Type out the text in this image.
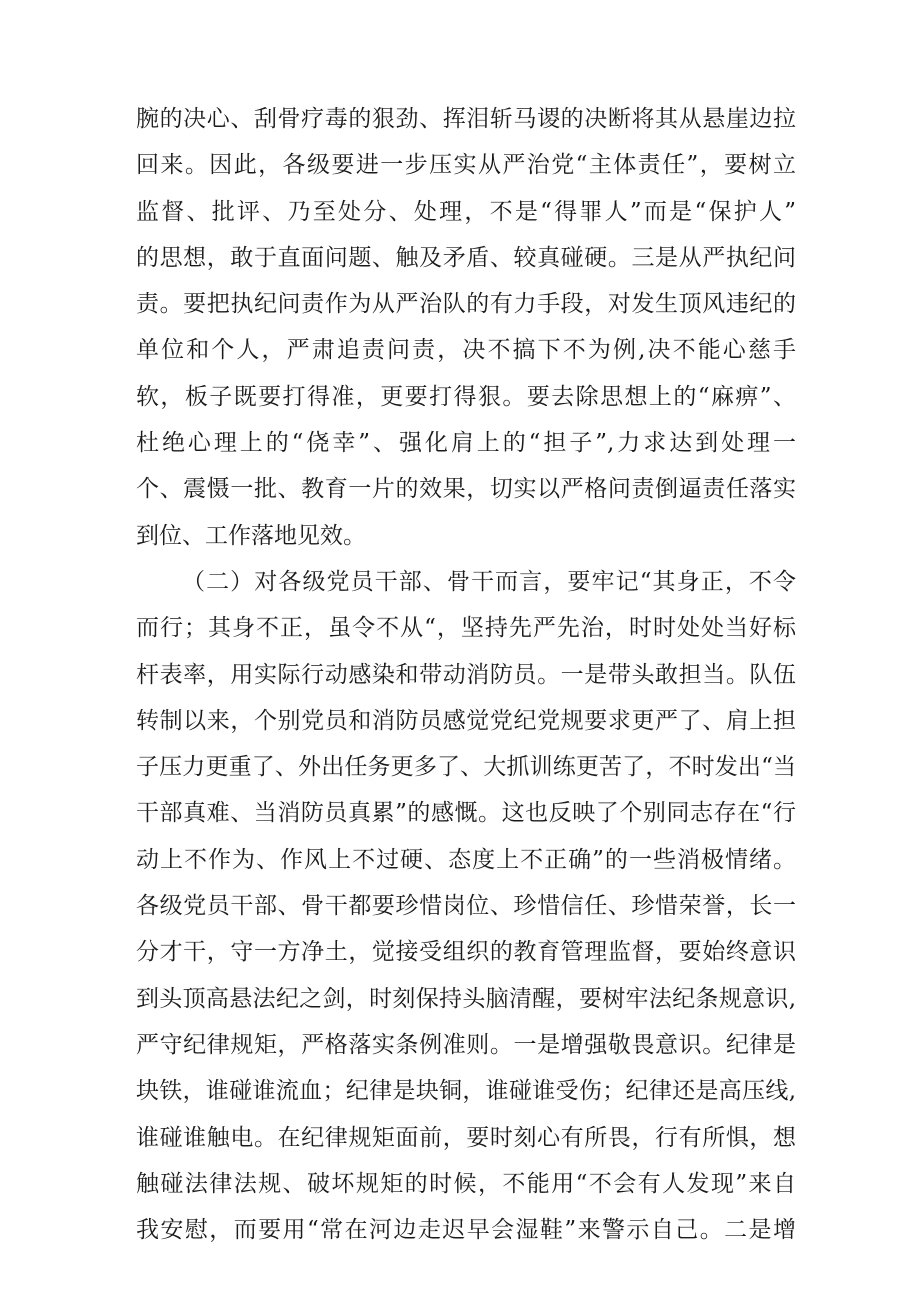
腕的决心、刮骨疗毒的狠劲、挥泪斩马谡的决断将其从悬崖边拉
回来。因此，各级要进一步压实从严治党“主体责任”，要树立
监督、批评、乃至处分、处理，不是“得罪人”而是“保护人”
的思想，敢于直面问题、触及矛盾、较真碰硬。三是从严执纪问
责。要把执纪问责作为从严治队的有力手段，对发生顶风违纪的
单位和个人，严肃追责问责，决不搞下不为例,决不能心慈手
软，板子既要打得准，更要打得狠。要去除思想上的“麻痹”、
杜绝心理上的“侥幸”、强化肩上的“担子”,力求达到处理一
个、震慑一批、教育一片的效果，切实以严格问责倒逼责任落实
到位、工作落地见效。
（二）对各级党员干部、骨干而言，要牢记“其身正，不令
而行；其身不正，虽令不从“，坚持先严先治，时时处处当好标
杆表率，用实际行动感染和带动消防员。一是带头敢担当。队伍
转制以来，个别党员和消防员感觉党纪党规要求更严了、肩上担
子压力更重了、外出任务更多了、大抓训练更苦了，不时发出“当
干部真难、当消防员真累”的感慨。这也反映了个别同志存在“行
动上不作为、作风上不过硬、态度上不正确”的一些消极情绪。
各级党员干部、骨干都要珍惜岗位、珍惜信任、珍惜荣誉，长一
分才干，守一方净土，觉接受组织的教育管理监督，要始终意识
到头顶高悬法纪之剑，时刻保持头脑清醒，要树牢法纪条规意识,
严守纪律规矩，严格落实条例准则。一是增强敬畏意识。纪律是
块铁，谁碰谁流血；纪律是块铜，谁碰谁受伤；纪律还是高压线,
谁碰谁触电。在纪律规矩面前，要时刻心有所畏，行有所惧，想
触碰法律法规、破坏规矩的时候，不能用“不会有人发现”来自
我安慰，而要用“常在河边走迟早会湿鞋”来警示自己。二是增
